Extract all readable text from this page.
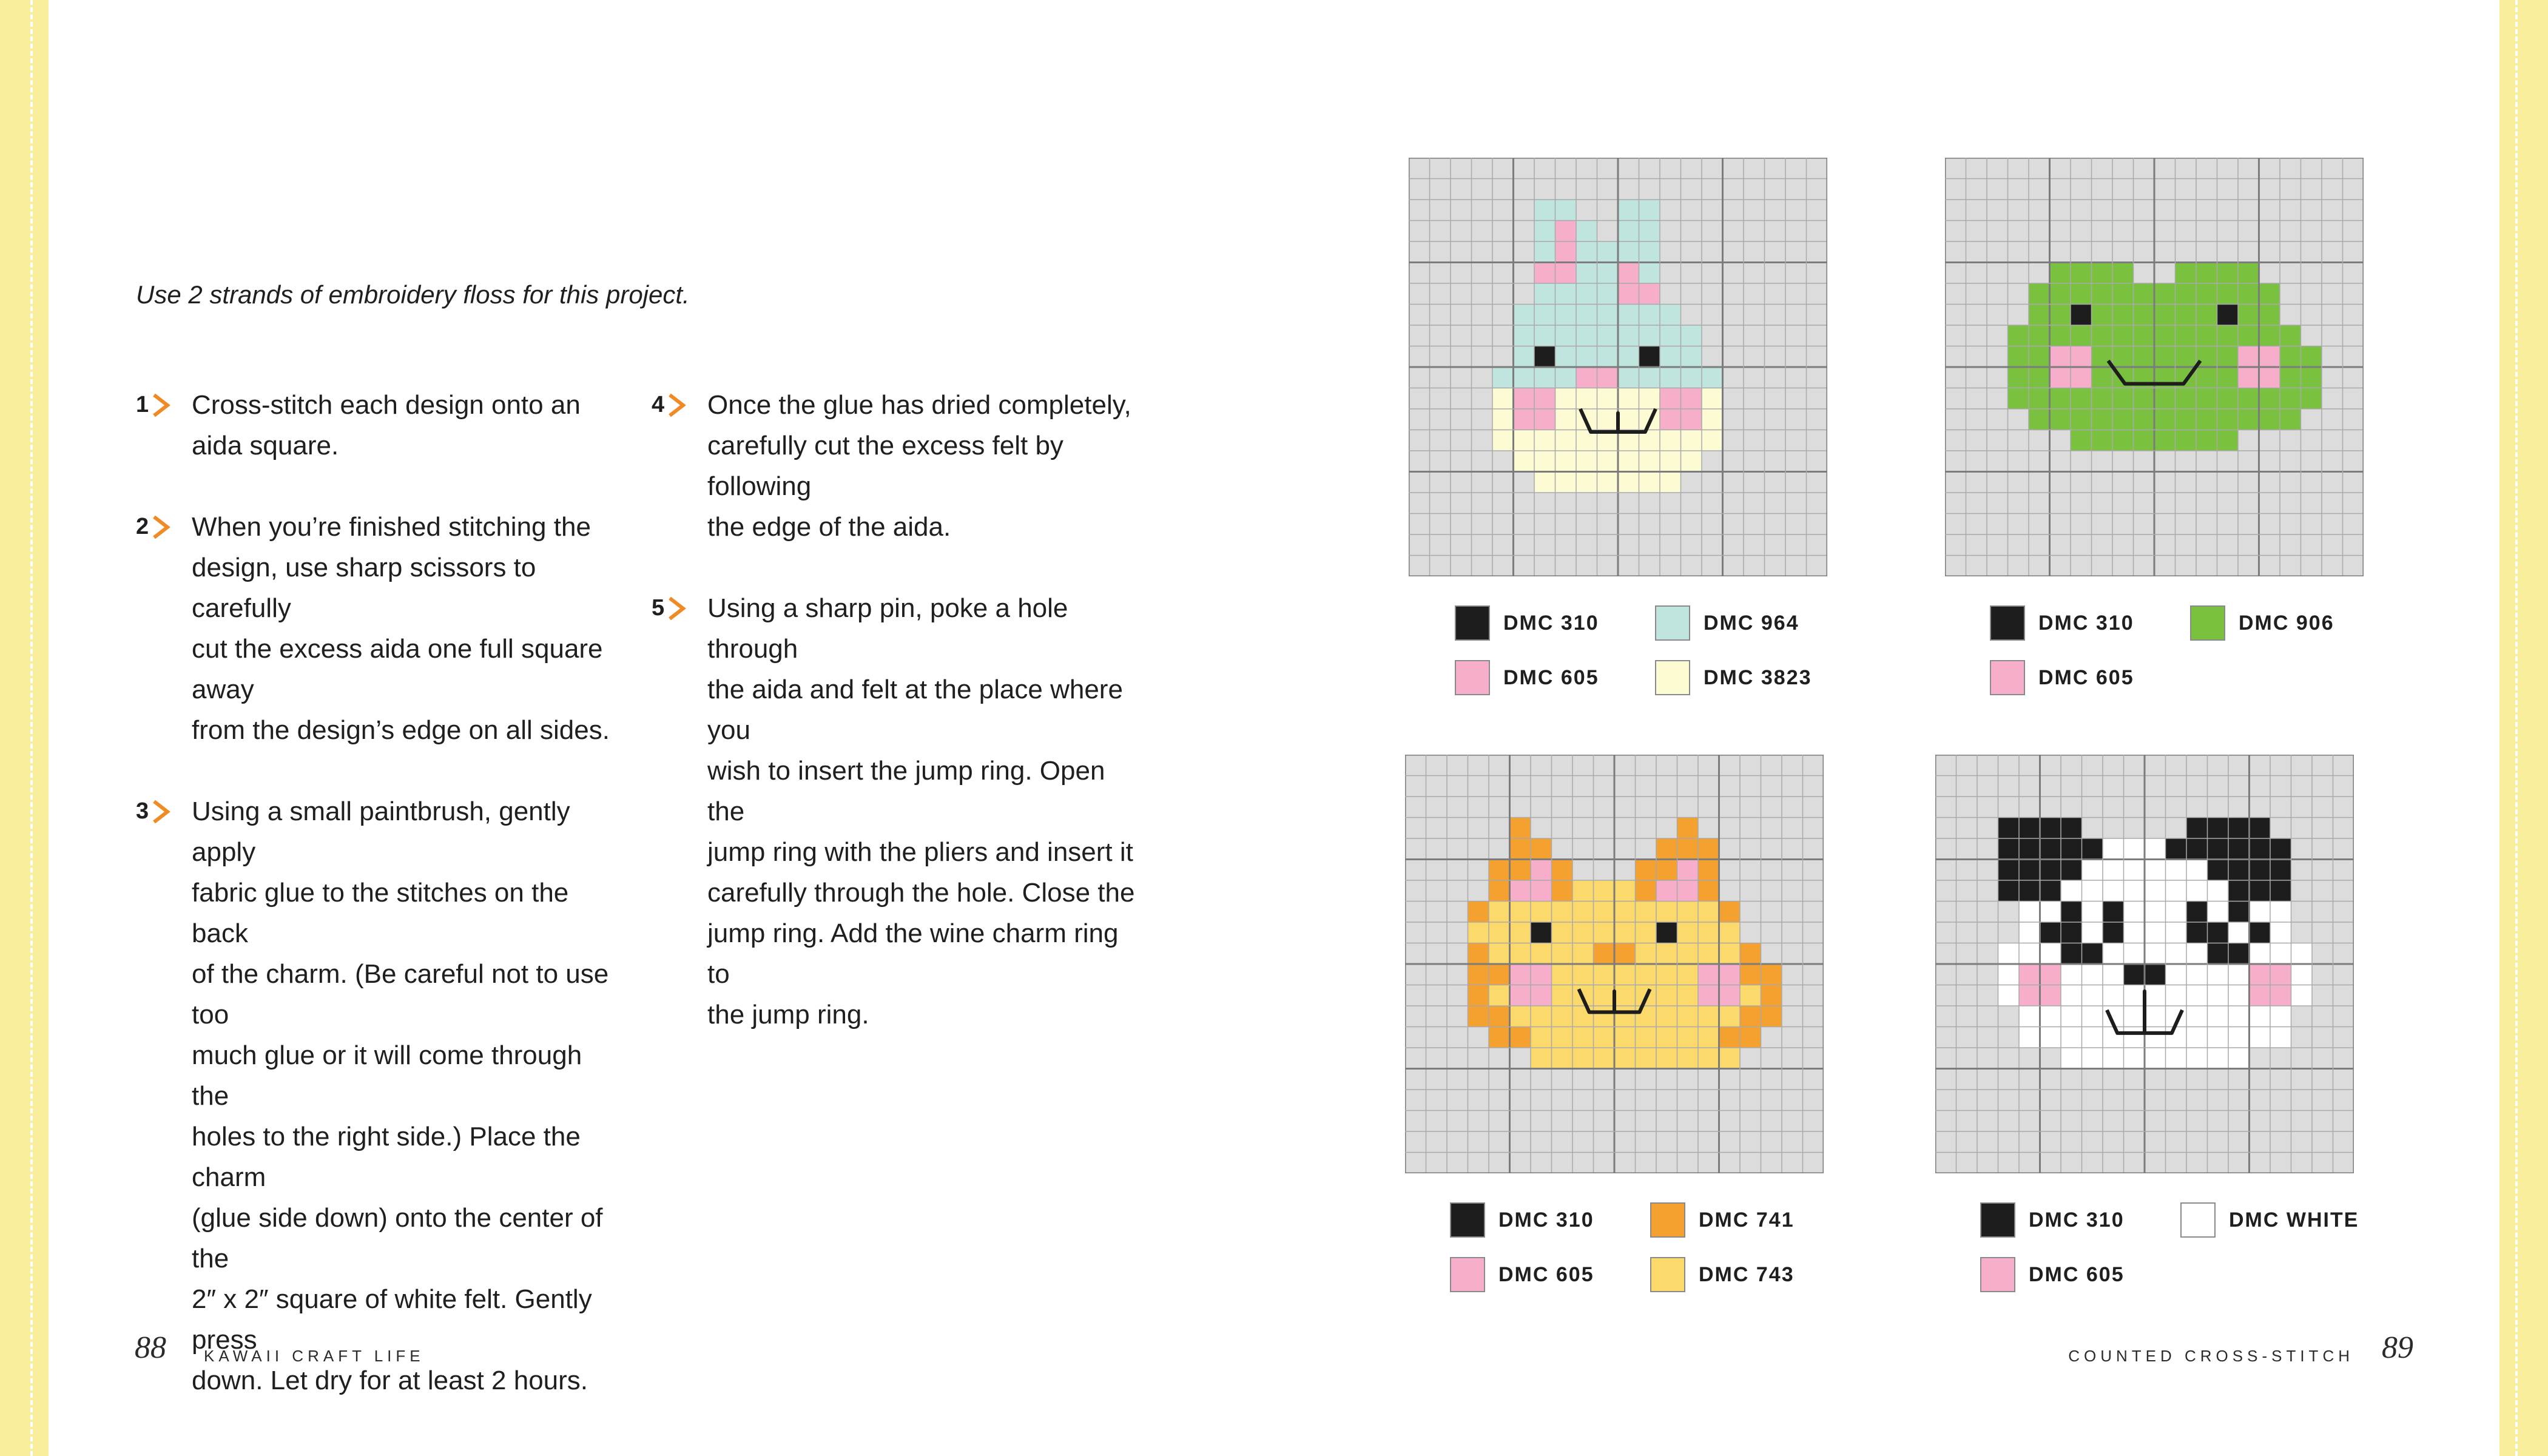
Use 2 strands of embroidery floss for this project.
1 Cross-stitch each design onto an
aida square.
2 When you’re finished stitching the
design, use sharp scissors to carefully
cut the excess aida one full square away
from the design’s edge on all sides.
3 Using a small paintbrush, gently apply
fabric glue to the stitches on the back
of the charm. (Be careful not to use too
much glue or it will come through the
holes to the right side.) Place the charm
(glue side down) onto the center of the
2″ x 2″ square of white felt. Gently press
down. Let dry for at least 2 hours.
4 Once the glue has dried completely,
carefully cut the excess felt by following
the edge of the aida.
5 Using a sharp pin, poke a hole through
the aida and felt at the place where you
wish to insert the jump ring. Open the
jump ring with the pliers and insert it
carefully through the hole. Close the
jump ring. Add the wine charm ring to
the jump ring.
DMC 310	DMC 964
DMC 605	DMC 3823
DMC 310	DMC 906
DMC 605
DMC 310	DMC 741
DMC 605	DMC 743
DMC 310	DMC WHITE
DMC 605
88 KAWAII CRAFT LIFE	COUNTED CROSS-STITCH 89
